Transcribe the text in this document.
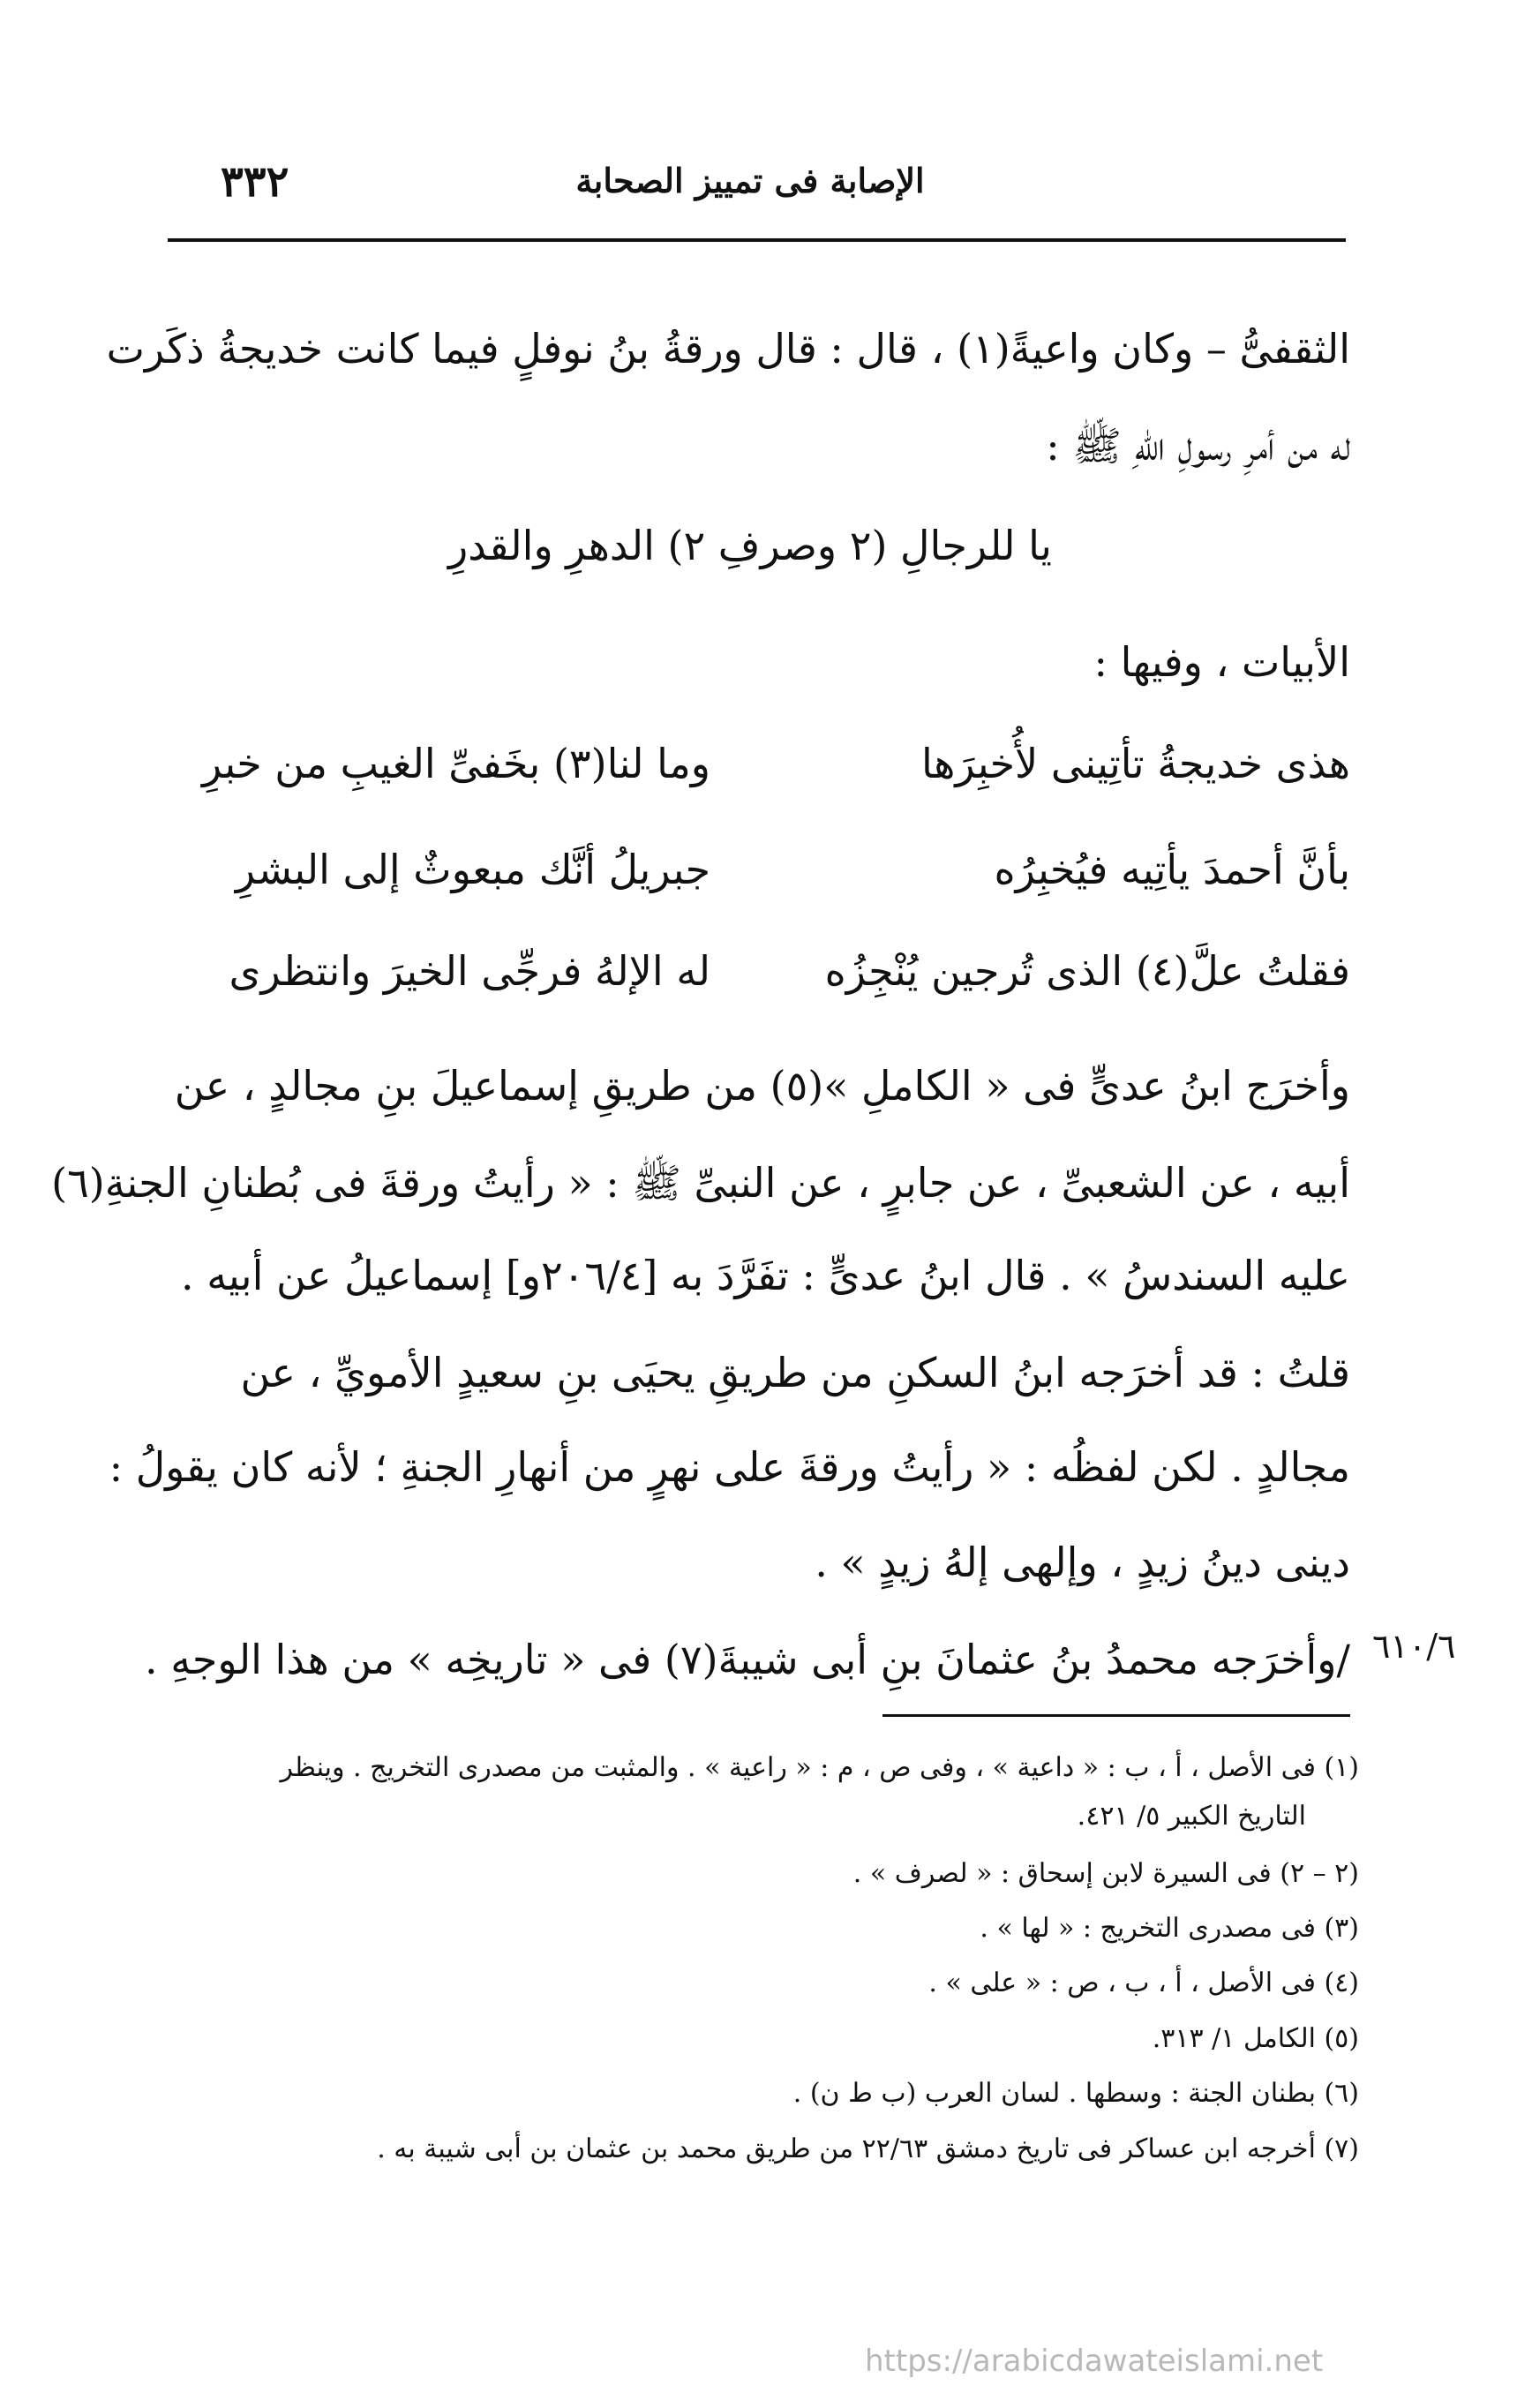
٣٣٢	الإصابة فى تمييز الصحابة
الثقفىُّ – وكان واعيةً(١) ، قال : قال ورقةُ بنُ نوفلٍ فيما كانت خديجةُ ذكَرت
له من أمرِ رسولِ اللهِ ﷺ :
يا للرجالِ (٢ وصرفِ ٢) الدهرِ والقدرِ
الأبيات ، وفيها :
هذى خديجةُ تأتِينى لأُخبِرَها
وما لنا(٣) بخَفىِّ الغيبِ من خبرِ
بأنَّ أحمدَ يأتِيه فيُخبِرُه
جبريلُ أنَّك مبعوثٌ إلى البشرِ
فقلتُ علَّ(٤) الذى تُرجين يُنْجِزُه
له الإلهُ فرجِّى الخيرَ وانتظرى
وأخرَج ابنُ عدىٍّ فى « الكاملِ »(٥) من طريقِ إسماعيلَ بنِ مجالدٍ ، عن
أبيه ، عن الشعبىِّ ، عن جابرٍ ، عن النبىِّ ﷺ : « رأيتُ ورقةَ فى بُطنانِ الجنةِ(٦)
عليه السندسُ » . قال ابنُ عدىٍّ : تفَرَّدَ به [٢٠٦/٤و] إسماعيلُ عن أبيه .
قلتُ : قد أخرَجه ابنُ السكنِ من طريقِ يحيَى بنِ سعيدٍ الأمويِّ ، عن
مجالدٍ . لكن لفظُه : « رأيتُ ورقةَ على نهرٍ من أنهارِ الجنةِ ؛ لأنه كان يقولُ :
دينى دينُ زيدٍ ، وإلهى إلهُ زيدٍ » .
/وأخرَجه محمدُ بنُ عثمانَ بنِ أبى شيبةَ(٧) فى « تاريخِه » من هذا الوجهِ . ٦١٠/٦
(١) فى الأصل ، أ ، ب : « داعية » ، وفى ص ، م : « راعية » . والمثبت من مصدرى التخريج . وينظر
التاريخ الكبير ٥/ ٤٢١.
(٢ – ٢) فى السيرة لابن إسحاق : « لصرف » .
(٣) فى مصدرى التخريج : « لها » .
(٤) فى الأصل ، أ ، ب ، ص : « على » .
(٥) الكامل ١/ ٣١٣.
(٦) بطنان الجنة : وسطها . لسان العرب (ب ط ن) .
(٧) أخرجه ابن عساكر فى تاريخ دمشق ٢٢/٦٣ من طريق محمد بن عثمان بن أبى شيبة به .
https://arabicdawateislami.net
